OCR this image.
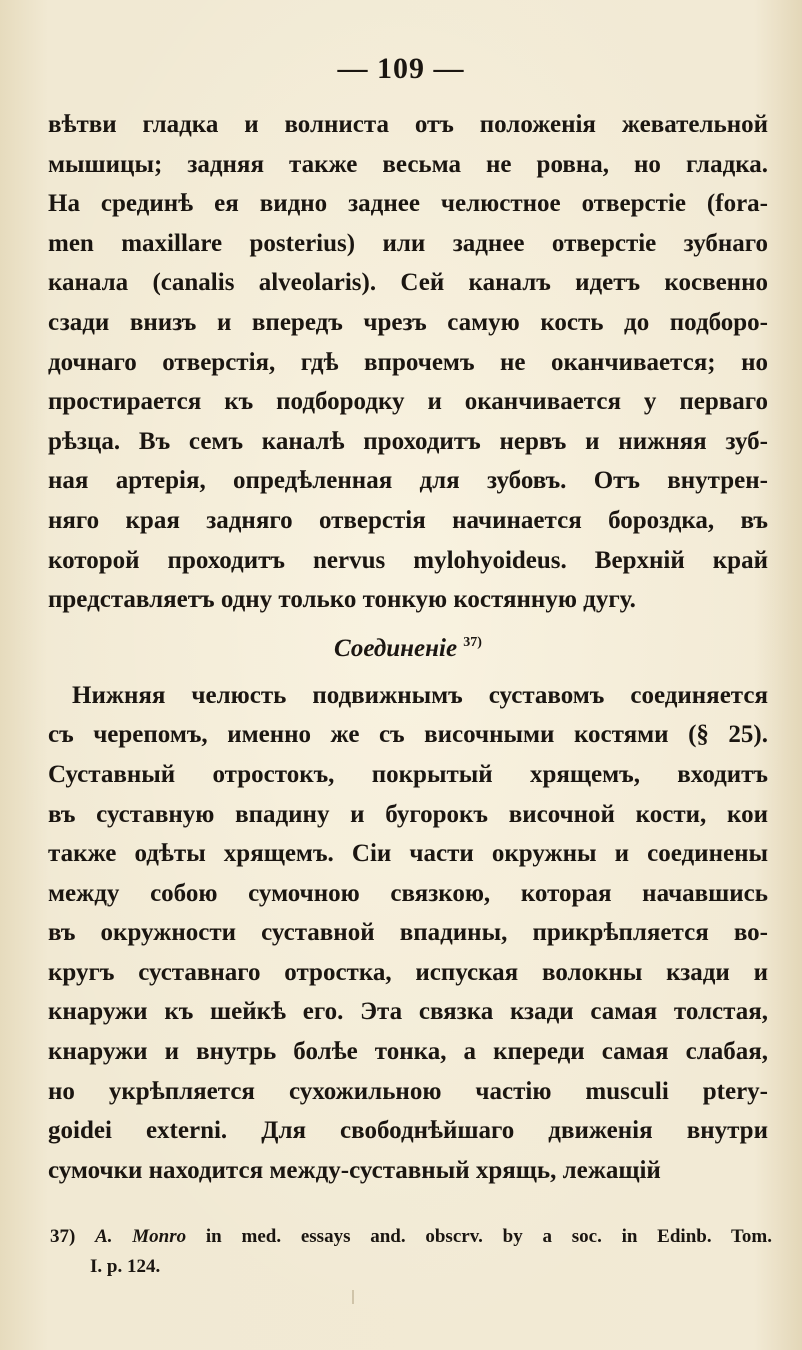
— 109 —
вѣтви гладка и волниста отъ положенія жевательной
мышицы; задняя также весьма не ровна, но гладка.
На срединѣ ея видно заднее челюстное отверстіе (fora-
men maxillare posterius) или заднее отверстіе зубнаго
канала (canalis alveolaris). Сей каналъ идетъ косвенно
сзади внизъ и впередъ чрезъ самую кость до подборо-
дочнаго отверстія, гдѣ впрочемъ не оканчивается; но
простирается къ подбородку и оканчивается у перваго
рѣзца. Въ семъ каналѣ проходитъ нервъ и нижняя зуб-
ная артерія, опредѣленная для зубовъ. Отъ внутрен-
няго края задняго отверстія начинается бороздка, въ
которой проходитъ nervus mylohyoideus. Верхній край
представляетъ одну только тонкую костянную дугу.
Соединеніе $^{37)}$
Нижняя челюсть подвижнымъ суставомъ соединяется
съ черепомъ, именно же съ височными костями (§ 25).
Суставный отростокъ, покрытый хрящемъ, входитъ
въ суставную впадину и бугорокъ височной кости, кои
также одѣты хрящемъ. Сіи части окружны и соединены
между собою сумочною связкою, которая начавшись
въ окружности суставной впадины, прикрѣпляется во-
кругъ суставнаго отростка, испуская волокны кзади и
кнаружи къ шейкѣ его. Эта связка кзади самая толстая,
кнаружи и внутрь болѣе тонка, а кпереди самая слабая,
но укрѣпляется сухожильною частію musculi ptery-
goidei externi. Для свободнѣйшаго движенія внутри
сумочки находится между-суставный хрящь, лежащій
37) A. Monro in med. essays and. obscrv. by a soc. in Edinb. Tom.
I. p. 124.
